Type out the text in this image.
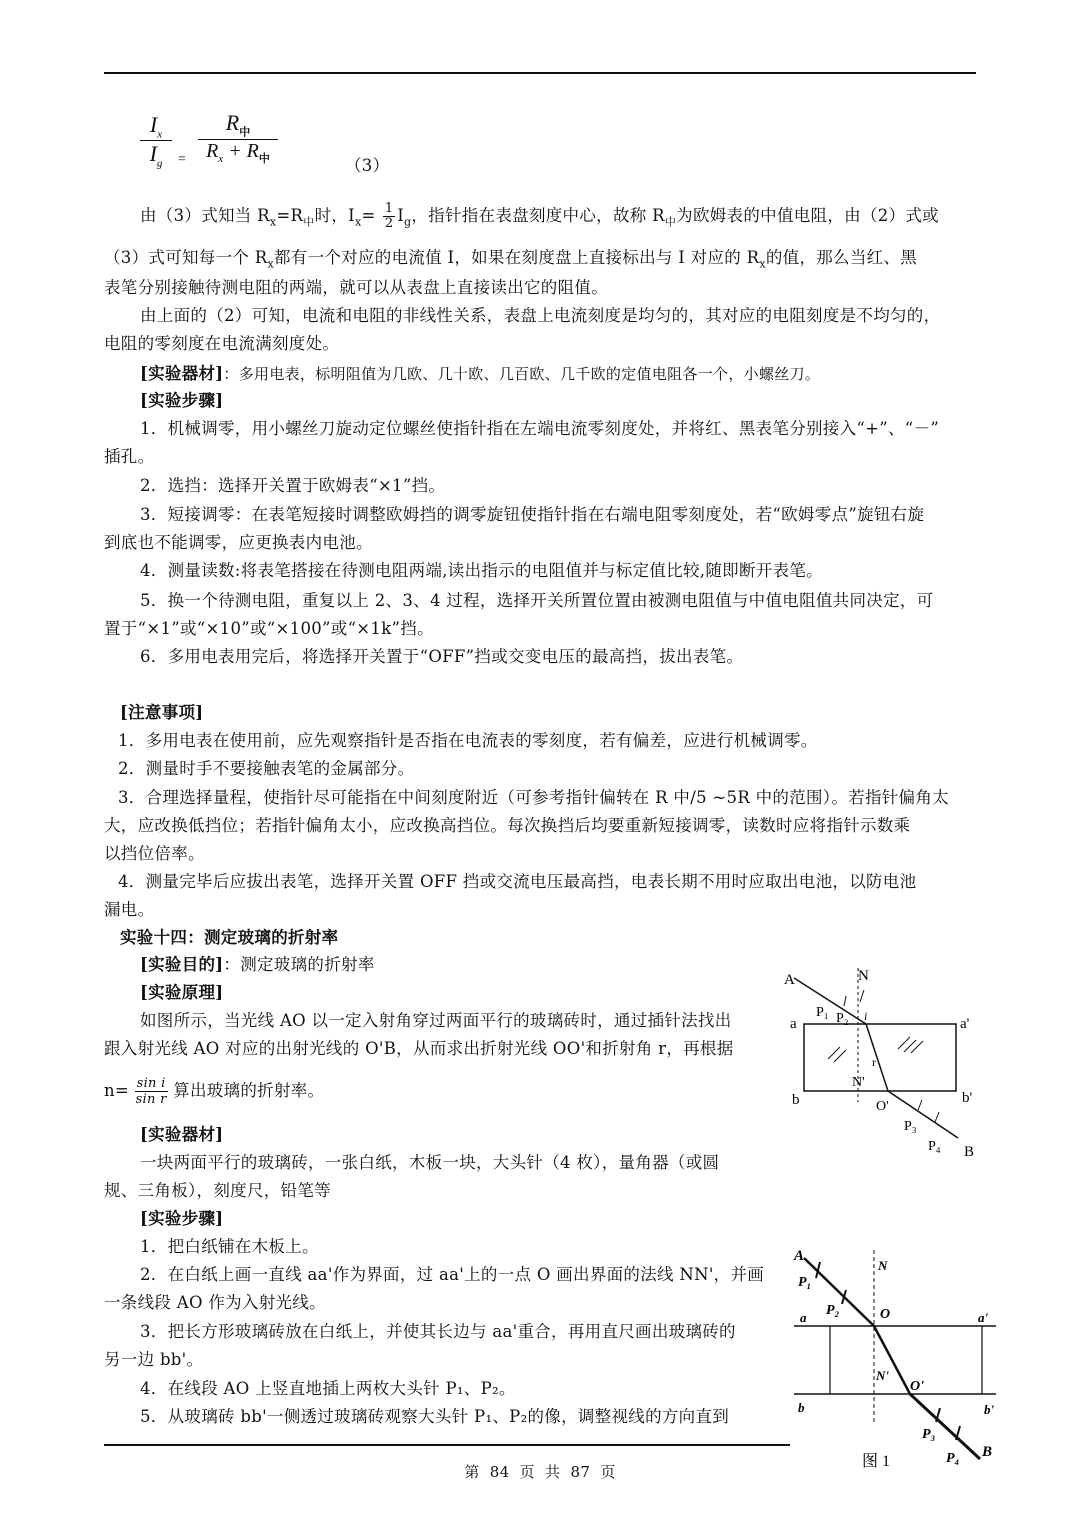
$I_x$
$I_g$	=
$R_中$
$R_x + R_中$	（3）
由（3）式知当 $R_x=R_中$时，$I_x= \frac{1}{2} I_g$，指针指在表盘刻度中心，故称 $R_中$为欧姆表的中值电阻，由（2）式或
（3）式可知每一个 $R_x$都有一个对应的电流值 I，如果在刻度盘上直接标出与 I 对应的 $R_x$的值，那么当红、黑
表笔分别接触待测电阻的两端，就可以从表盘上直接读出它的阻值。
由上面的（2）可知，电流和电阻的非线性关系，表盘上电流刻度是均匀的，其对应的电阻刻度是不均匀的，
电阻的零刻度在电流满刻度处。
[实验器材]：多用电表，标明阻值为几欧、几十欧、几百欧、几千欧的定值电阻各一个，小螺丝刀。
[实验步骤]
1．机械调零，用小螺丝刀旋动定位螺丝使指针指在左端电流零刻度处，并将红、黑表笔分别接入“+”、“－”
插孔。
2．选挡：选择开关置于欧姆表“×1”挡。
3．短接调零：在表笔短接时调整欧姆挡的调零旋钮使指针指在右端电阻零刻度处，若“欧姆零点”旋钮右旋
到底也不能调零，应更换表内电池。
4．测量读数:将表笔搭接在待测电阻两端,读出指示的电阻值并与标定值比较,随即断开表笔。
5．换一个待测电阻，重复以上 2、3、4 过程，选择开关所置位置由被测电阻值与中值电阻值共同决定，可
置于“×1”或“×10”或“×100”或“×1k”挡。
6．多用电表用完后，将选择开关置于“OFF”挡或交变电压的最高挡，拔出表笔。
[注意事项]
1．多用电表在使用前，应先观察指针是否指在电流表的零刻度，若有偏差，应进行机械调零。
2．测量时手不要接触表笔的金属部分。
3．合理选择量程，使指针尽可能指在中间刻度附近（可参考指针偏转在 R 中/5 ~5R 中的范围）。若指针偏角太
大，应改换低挡位；若指针偏角太小，应改换高挡位。每次换挡后均要重新短接调零，读数时应将指针示数乘
以挡位倍率。
4．测量完毕后应拔出表笔，选择开关置 OFF 挡或交流电压最高挡，电表长期不用时应取出电池，以防电池
漏电。
实验十四：测定玻璃的折射率
[实验目的]：测定玻璃的折射率
[实验原理]
如图所示，当光线 AO 以一定入射角穿过两面平行的玻璃砖时，通过插针法找出
跟入射光线 AO 对应的出射光线的 O'B，从而求出折射光线 OO'和折射角 r，再根据
$n= \frac{\text{sin i}}{\text{sin r}}$ 算出玻璃的折射率。
[实验器材]
一块两面平行的玻璃砖，一张白纸，木板一块，大头针（4 枚），量角器（或圆
规、三角板），刻度尺，铅笔等
[实验步骤]
1．把白纸铺在木板上。
2．在白纸上画一直线 aa'作为界面，过 aa'上的一点 O 画出界面的法线 NN'，并画
一条线段 AO 作为入射光线。
3．把长方形玻璃砖放在白纸上，并使其长边与 aa'重合，再用直尺画出玻璃砖的
另一边 bb'。
4．在线段 AO 上竖直地插上两枚大头针 P₁、P₂。
5．从玻璃砖 bb'一侧透过玻璃砖观察大头针 P₁、P₂的像，调整视线的方向直到
A	N
P₁ P₂ i
a	a'
r
N'
b	b'
O'
P₃
P₄ B
A
N
P₁
P₂	O
a	a'
N'
O'
b	b'
P₃
P₄ B
图 1
第  84  页  共  87  页
